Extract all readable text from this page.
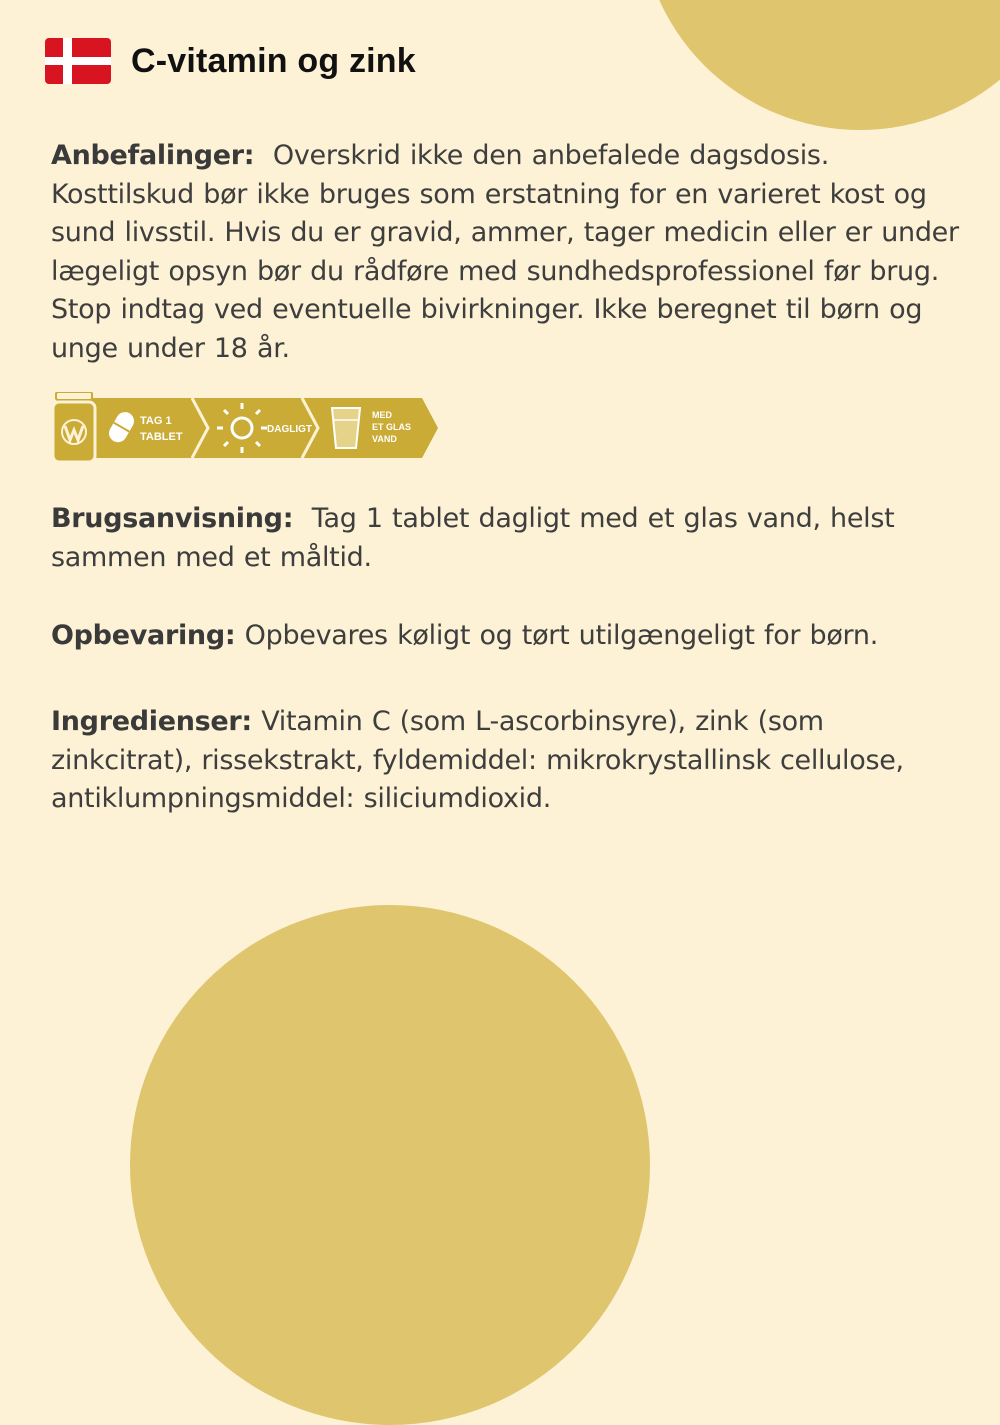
C-vitamin og zink
Anbefalinger: Overskrid ikke den anbefalede dagsdosis. Kosttilskud bør ikke bruges som erstatning for en varieret kost og sund livsstil. Hvis du er gravid, ammer, tager medicin eller er under lægeligt opsyn bør du rådføre med sundhedsprofessionel før brug. Stop indtag ved eventuelle bivirkninger. Ikke beregnet til børn og unge under 18 år.
TAG 1
TABLET
DAGLIGT
MED
ET GLAS
VAND
Brugsanvisning: Tag 1 tablet dagligt med et glas vand, helst sammen med et måltid.
Opbevaring: Opbevares køligt og tørt utilgængeligt for børn.
Ingredienser: Vitamin C (som L-ascorbinsyre), zink (som zinkcitrat), rissekstrakt, fyldemiddel: mikrokrystallinsk cellulose, antiklumpningsmiddel: siliciumdioxid.
